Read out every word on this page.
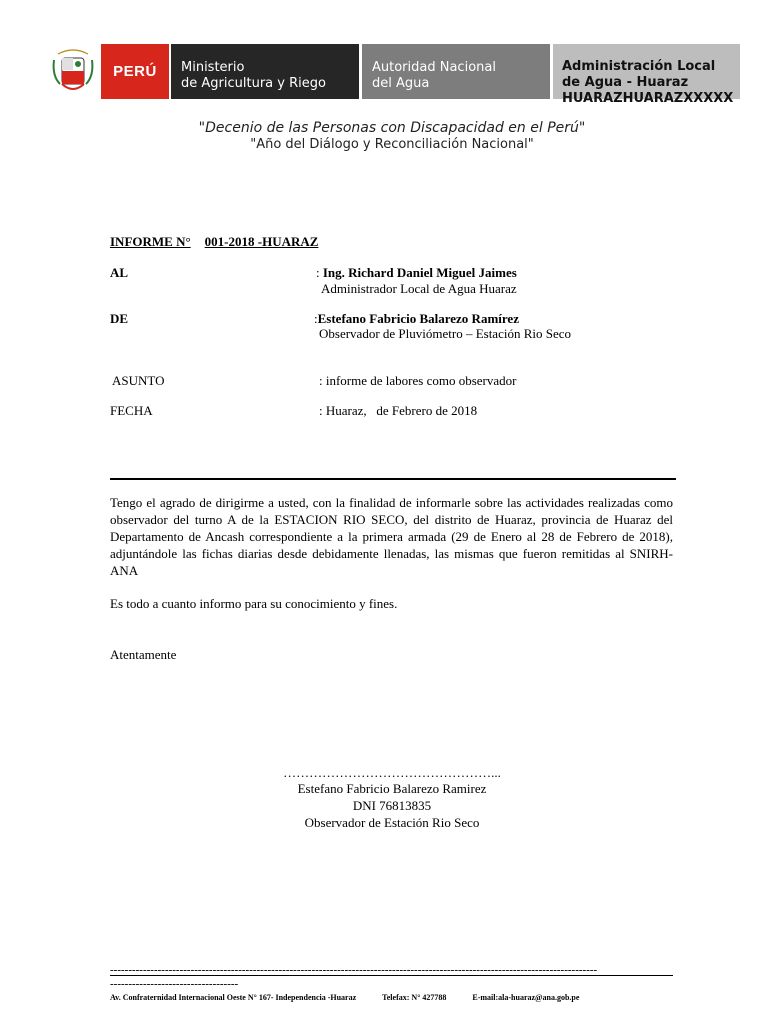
PERÚ	Ministerio
de Agricultura y Riego
Autoridad Nacional
del Agua
Administración Local
de Agua - Huaraz
HUARAZHUARAZXXXXX
"Decenio de las Personas con Discapacidad en el Perú"
"Año del Diálogo y Reconciliación Nacional"
INFORME N° 001-2018 -HUARAZ
AL	: Ing. Richard Daniel Miguel Jaimes
Administrador Local de Agua Huaraz
DE	:Estefano Fabricio Balarezo Ramírez
Observador de Pluviómetro – Estación Rio Seco
ASUNTO	: informe de labores como observador
FECHA	: Huaraz,   de Febrero de 2018
Tengo el agrado de dirigirme a usted, con la finalidad de informarle sobre las actividades realizadas como observador del turno A de la ESTACION RIO SECO, del distrito de Huaraz, provincia de Huaraz del Departamento de Ancash correspondiente a la primera armada (29 de Enero al 28 de Febrero de 2018), adjuntándole las fichas diarias desde debidamente llenadas, las mismas que fueron remitidas al SNIRH-ANA
Es todo a cuanto informo para su conocimiento y fines.
Atentamente
…………………………………………...
Estefano Fabricio Balarezo Ramirez
DNI 76813835
Observador de Estación Rio Seco
-------------------------------------------------------------------------------------------------------------------------------------
-----------------------------------
Av. Confraternidad Internacional Oeste N° 167- Independencia -Huaraz	Telefax: N° 427788	E-mail:ala-huaraz@ana.gob.pe
